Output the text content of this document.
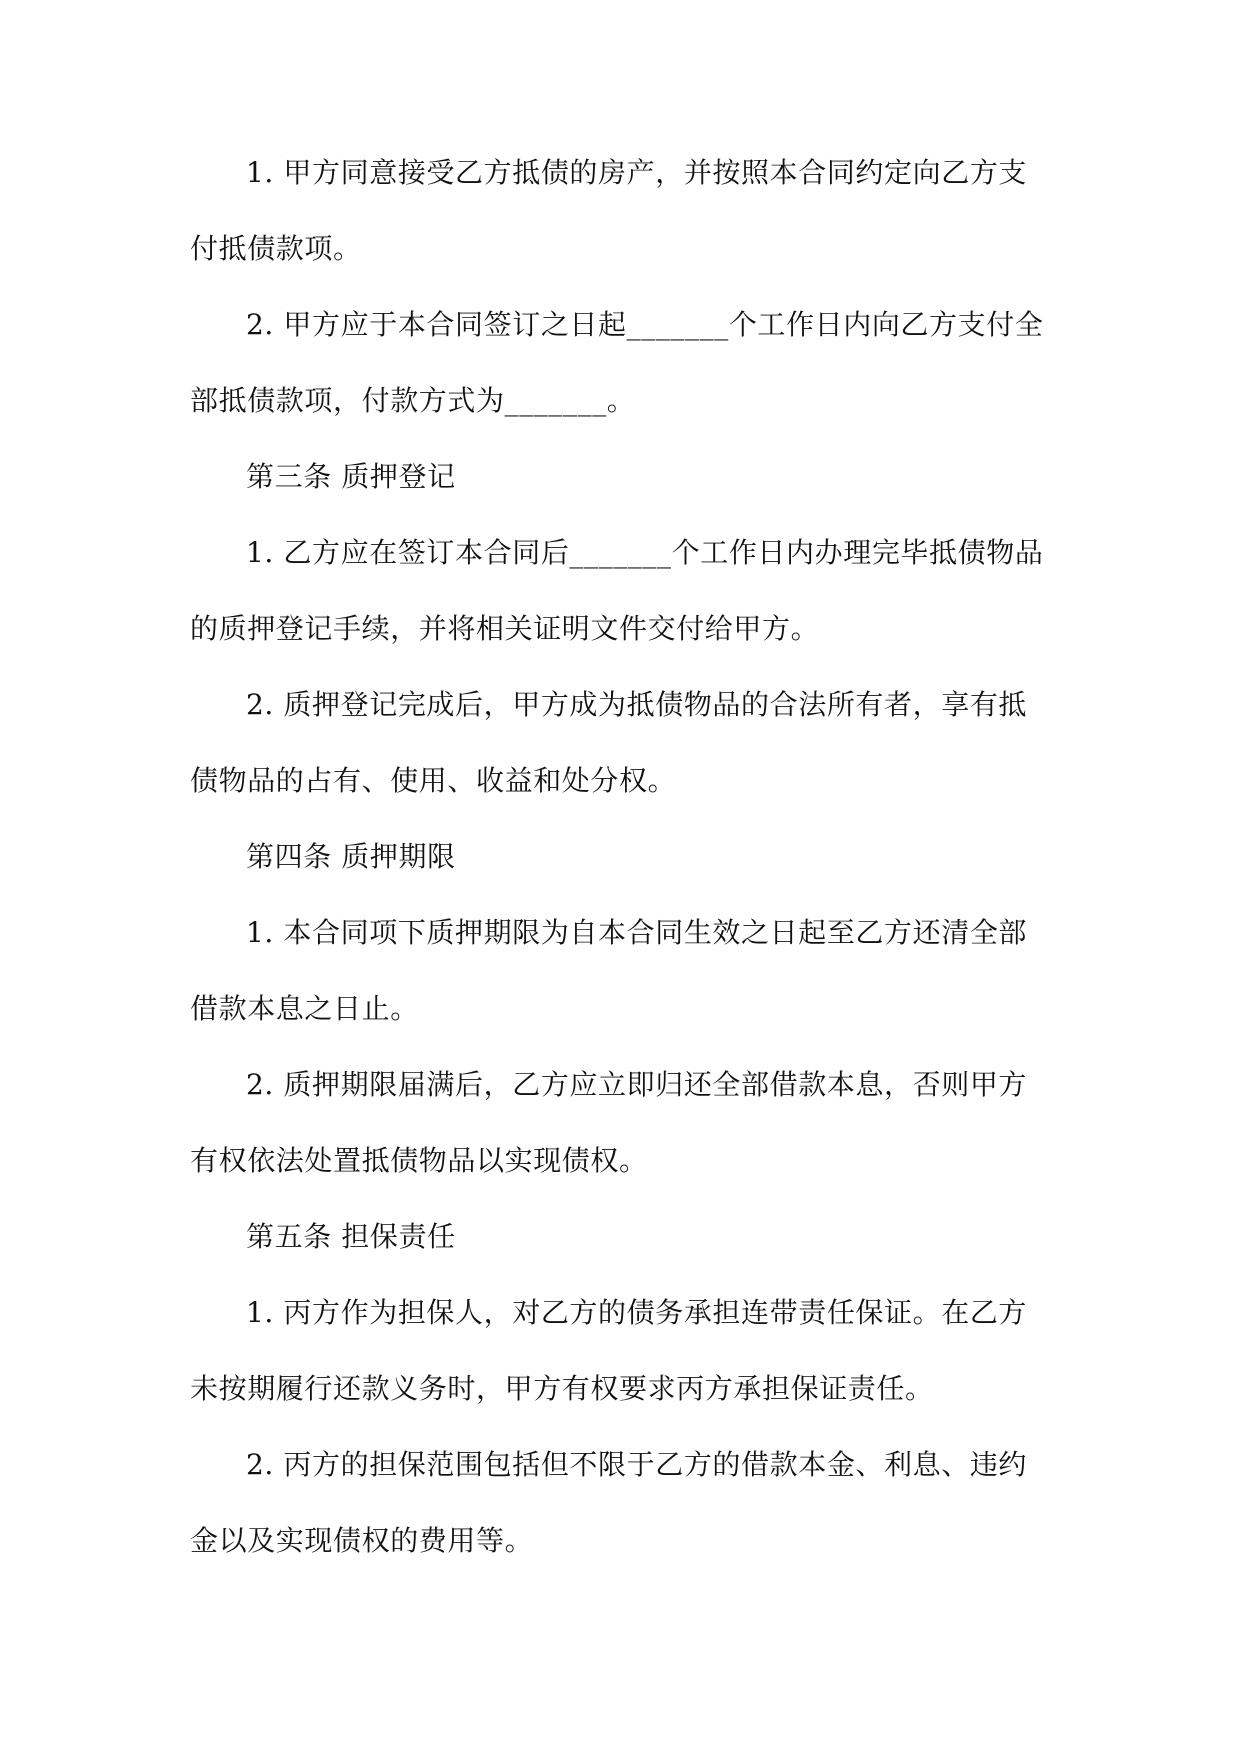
1. 甲方同意接受乙方抵债的房产，并按照本合同约定向乙方支付抵债款项。

2. 甲方应于本合同签订之日起_______个工作日内向乙方支付全部抵债款项，付款方式为_______。

第三条 质押登记

1. 乙方应在签订本合同后_______个工作日内办理完毕抵债物品的质押登记手续，并将相关证明文件交付给甲方。

2. 质押登记完成后，甲方成为抵债物品的合法所有者，享有抵债物品的占有、使用、收益和处分权。

第四条 质押期限

1. 本合同项下质押期限为自本合同生效之日起至乙方还清全部借款本息之日止。

2. 质押期限届满后，乙方应立即归还全部借款本息，否则甲方有权依法处置抵债物品以实现债权。

第五条 担保责任

1. 丙方作为担保人，对乙方的债务承担连带责任保证。在乙方未按期履行还款义务时，甲方有权要求丙方承担保证责任。

2. 丙方的担保范围包括但不限于乙方的借款本金、利息、违约金以及实现债权的费用等。
